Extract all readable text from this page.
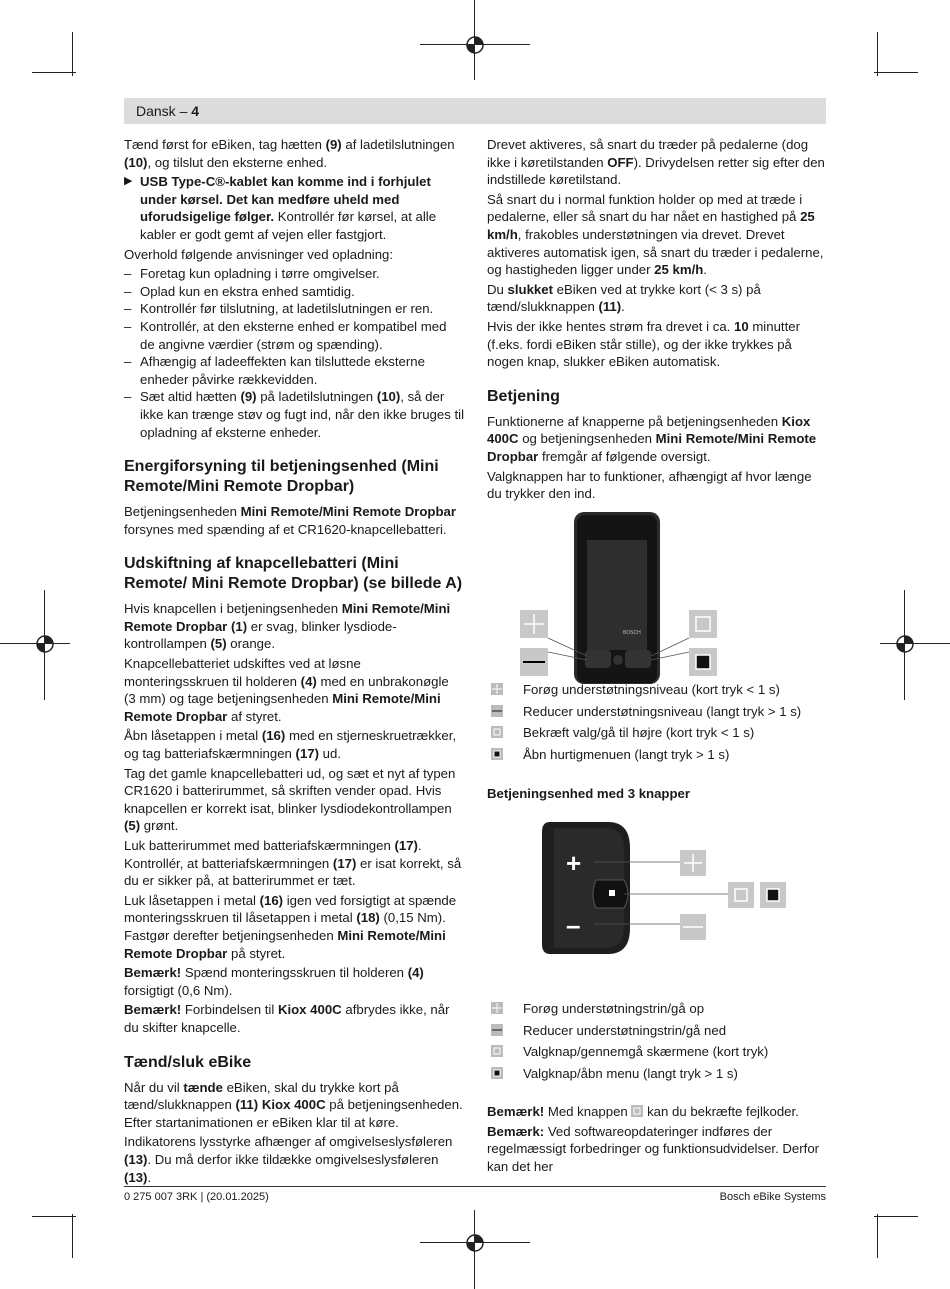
Dansk – 4

Tænd først for eBiken, tag hætten (9) af ladetilslutningen (10), og tilslut den eksterne enhed.

▶ USB Type-C®-kablet kan komme ind i forhjulet under kørsel. Det kan medføre uheld med uforudsigelige følger. Kontrollér før kørsel, at alle kabler er godt gemt af vejen eller fastgjort.

Overhold følgende anvisninger ved opladning:

– Foretag kun opladning i tørre omgivelser.
– Oplad kun en ekstra enhed samtidig.
– Kontrollér før tilslutning, at ladetilslutningen er ren.
– Kontrollér, at den eksterne enhed er kompatibel med de angivne værdier (strøm og spænding).
– Afhængig af ladeeffekten kan tilsluttede eksterne enheder påvirke rækkevidden.
– Sæt altid hætten (9) på ladetilslutningen (10), så der ikke kan trænge støv og fugt ind, når den ikke bruges til opladning af eksterne enheder.
Energiforsyning til betjeningsenhed (Mini Remote/Mini Remote Dropbar)

Betjeningsenheden Mini Remote/Mini Remote Dropbar forsynes med spænding af et CR1620-knapcellebatteri.

Udskiftning af knapcellebatteri (Mini Remote/ Mini Remote Dropbar) (se billede A)

Hvis knapcellen i betjeningsenheden Mini Remote/Mini Remote Dropbar (1) er svag, blinker lysdiode-kontrollampen (5) orange.

Knapcellebatteriet udskiftes ved at løsne monteringsskruen til holderen (4) med en unbrakonøgle (3 mm) og tage betjeningsenheden Mini Remote/Mini Remote Dropbar af styret.

Åbn låsetappen i metal (16) med en stjerneskruetrækker, og tag batteriafskærmningen (17) ud.

Tag det gamle knapcellebatteri ud, og sæt et nyt af typen CR1620 i batterirummet, så skriften vender opad. Hvis knapcellen er korrekt isat, blinker lysdiodekontrollampen (5) grønt.

Luk batterirummet med batteriafskærmningen (17). Kontrollér, at batteriafskærmningen (17) er isat korrekt, så du er sikker på, at batterirummet er tæt.

Luk låsetappen i metal (16) igen ved forsigtigt at spænde monteringsskruen til låsetappen i metal (18) (0,15 Nm). Fastgør derefter betjeningsenheden Mini Remote/Mini Remote Dropbar på styret.

Bemærk! Spænd monteringsskruen til holderen (4) forsigtigt (0,6 Nm).

Bemærk! Forbindelsen til Kiox 400C afbrydes ikke, når du skifter knapcelle.

Tænd/sluk eBike

Når du vil tænde eBiken, skal du trykke kort på tænd/slukknappen (11) Kiox 400C på betjeningsenheden. Efter startanimationen er eBiken klar til at køre.

Indikatorens lysstyrke afhænger af omgivelseslysføleren (13). Du må derfor ikke tildække omgivelseslysføleren (13).

Drevet aktiveres, så snart du træder på pedalerne (dog ikke i køretilstanden OFF). Drivydelsen retter sig efter den indstillede køretilstand.

Så snart du i normal funktion holder op med at træde i pedalerne, eller så snart du har nået en hastighed på 25 km/h, frakobles understøtningen via drevet. Drevet aktiveres automatisk igen, så snart du træder i pedalerne, og hastigheden ligger under 25 km/h.

Du slukket eBiken ved at trykke kort (< 3 s) på tænd/slukknappen (11).

Hvis der ikke hentes strøm fra drevet i ca. 10 minutter (f.eks. fordi eBiken står stille), og der ikke trykkes på nogen knap, slukker eBiken automatisk.

Betjening

Funktionerne af knapperne på betjeningsenheden Kiox 400C og betjeningsenheden Mini Remote/Mini Remote Dropbar fremgår af følgende oversigt.

Valgknappen har to funktioner, afhængigt af hvor længe du trykker den ind.

BOSCH
Forøg understøtningsniveau (kort tryk < 1 s)
Reducer understøtningsniveau (langt tryk > 1 s)
Bekræft valg/gå til højre (kort tryk < 1 s)
Åbn hurtigmenuen (langt tryk > 1 s)
Betjeningsenhed med 3 knapper
+
–
Forøg understøtningstrin/gå op
Reducer understøtningstrin/gå ned
Valgknap/gennemgå skærmene (kort tryk)
Valgknap/åbn menu (langt tryk > 1 s)

Bemærk! Med knappen  kan du bekræfte fejlkoder.

Bemærk: Ved softwareopdateringer indføres der regelmæssigt forbedringer og funktionsudvidelser. Derfor kan det her

0 275 007 3RK | (20.01.2025)	Bosch eBike Systems
